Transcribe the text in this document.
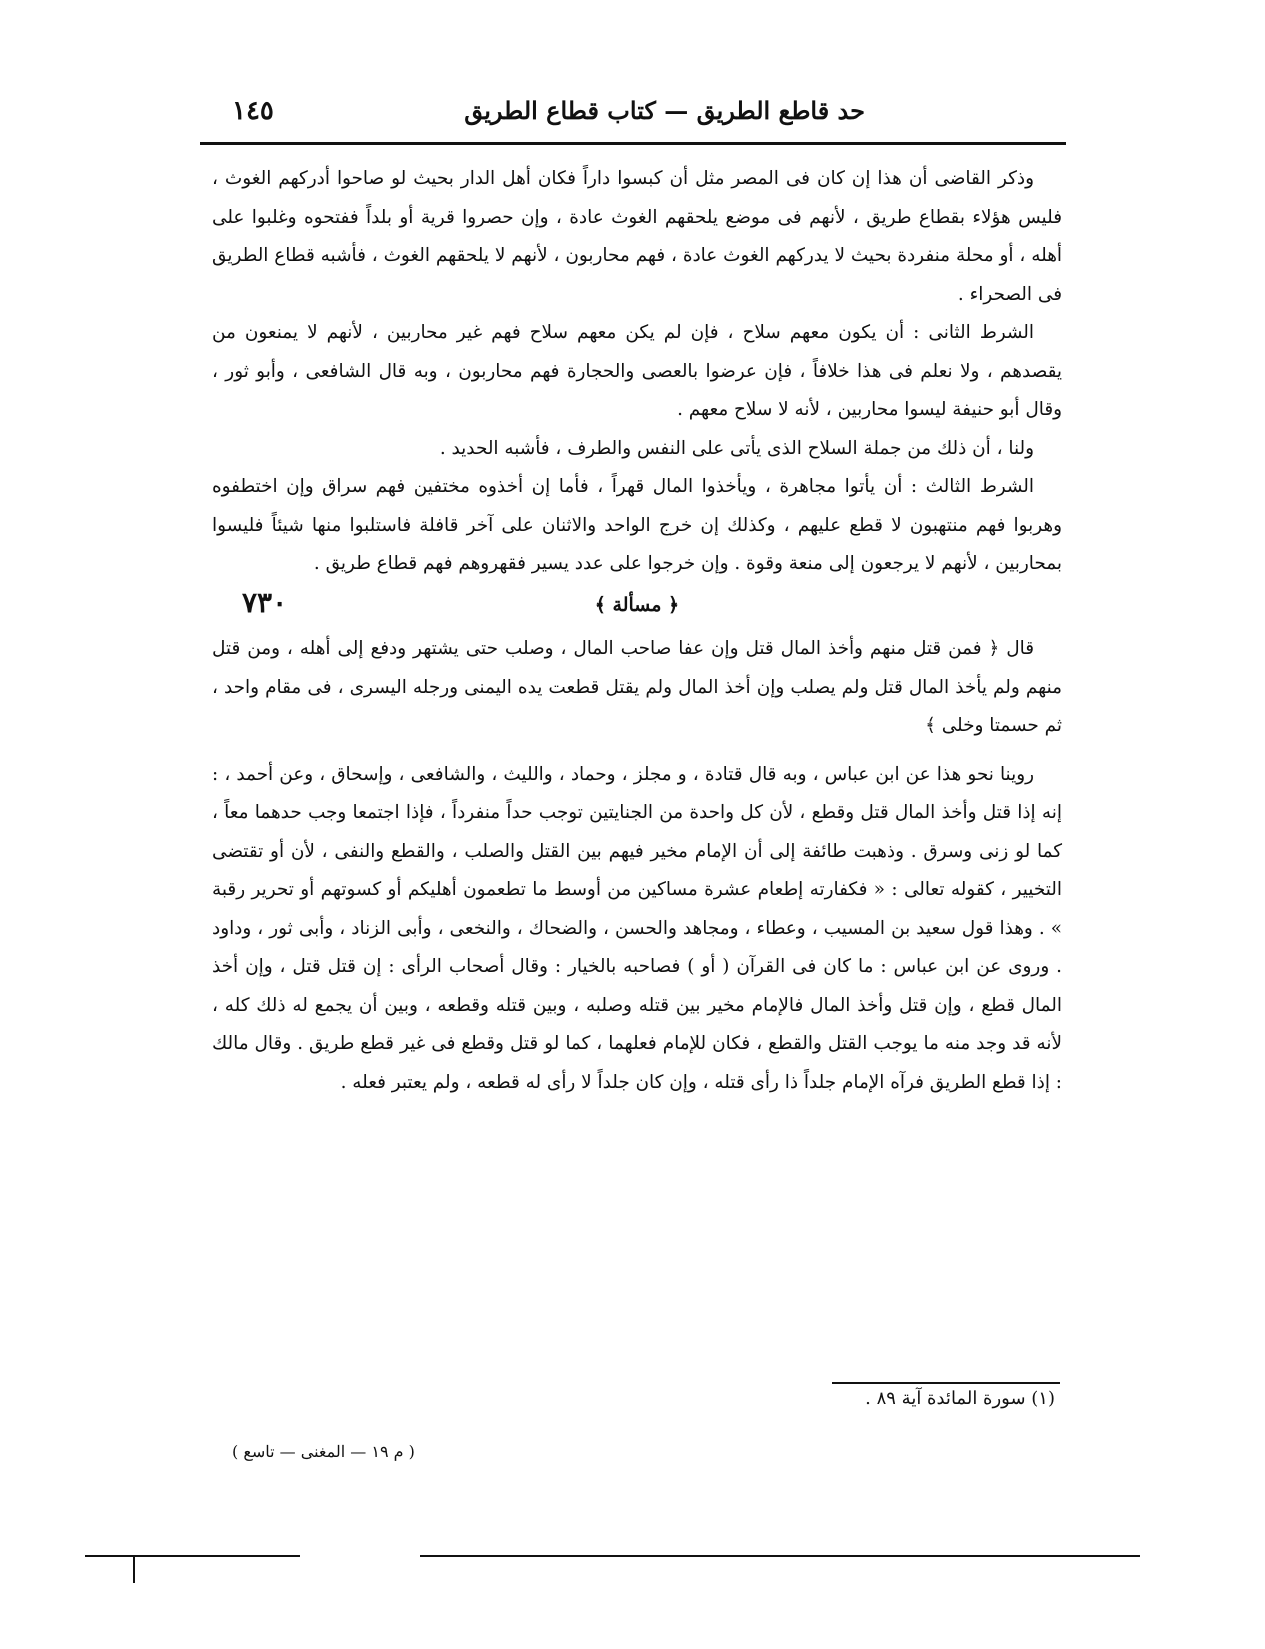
١٤٥	حد قاطع الطريق — كتاب قطاع الطريق

وذكر القاضى أن هذا إن كان فى المصر مثل أن كبسوا داراً فكان أهل الدار بحيث لو صاحوا أدركهم الغوث ، فليس هؤلاء بقطاع طريق ، لأنهم فى موضع يلحقهم الغوث عادة ، وإن حصروا قرية أو بلداً ففتحوه وغلبوا على أهله ، أو محلة منفردة بحيث لا يدركهم الغوث عادة ، فهم محاربون ، لأنهم لا يلحقهم الغوث ، فأشبه قطاع الطريق فى الصحراء .

الشرط الثانى : أن يكون معهم سلاح ، فإن لم يكن معهم سلاح فهم غير محاربين ، لأنهم لا يمنعون من يقصدهم ، ولا نعلم فى هذا خلافاً ، فإن عرضوا بالعصى والحجارة فهم محاربون ، وبه قال الشافعى ، وأبو ثور ، وقال أبو حنيفة ليسوا محاربين ، لأنه لا سلاح معهم .

ولنا ، أن ذلك من جملة السلاح الذى يأتى على النفس والطرف ، فأشبه الحديد .

الشرط الثالث : أن يأتوا مجاهرة ، ويأخذوا المال قهراً ، فأما إن أخذوه مختفين فهم سراق وإن اختطفوه وهربوا فهم منتهبون لا قطع عليهم ، وكذلك إن خرج الواحد والاثنان على آخر قافلة فاستلبوا منها شيئاً فليسوا بمحاربين ، لأنهم لا يرجعون إلى منعة وقوة . وإن خرجوا على عدد يسير فقهروهم فهم قطاع طريق .

﴿ مسألة ﴾
٧٣٠

قال ﴿ فمن قتل منهم وأخذ المال قتل وإن عفا صاحب المال ، وصلب حتى يشتهر ودفع إلى أهله ، ومن قتل منهم ولم يأخذ المال قتل ولم يصلب وإن أخذ المال ولم يقتل قطعت يده اليمنى ورجله اليسرى ، فى مقام واحد ، ثم حسمتا وخلى ﴾

روينا نحو هذا عن ابن عباس ، وبه قال قتادة ، و مجلز ، وحماد ، والليث ، والشافعى ، وإسحاق ، وعن أحمد ، : إنه إذا قتل وأخذ المال قتل وقطع ، لأن كل واحدة من الجنايتين توجب حداً منفرداً ، فإذا اجتمعا وجب حدهما معاً ، كما لو زنى وسرق . وذهبت طائفة إلى أن الإمام مخير فيهم بين القتل والصلب ، والقطع والنفى ، لأن أو تقتضى التخيير ، كقوله تعالى : « فكفارته إطعام عشرة مساكين من أوسط ما تطعمون أهليكم أو كسوتهم أو تحرير رقبة » . وهذا قول سعيد بن المسيب ، وعطاء ، ومجاهد والحسن ، والضحاك ، والنخعى ، وأبى الزناد ، وأبى ثور ، وداود . وروى عن ابن عباس : ما كان فى القرآن ( أو ) فصاحبه بالخيار : وقال أصحاب الرأى : إن قتل قتل ، وإن أخذ المال قطع ، وإن قتل وأخذ المال فالإمام مخير بين قتله وصلبه ، وبين قتله وقطعه ، وبين أن يجمع له ذلك كله ، لأنه قد وجد منه ما يوجب القتل والقطع ، فكان للإمام فعلهما ، كما لو قتل وقطع فى غير قطع طريق . وقال مالك : إذا قطع الطريق فرآه الإمام جلداً ذا رأى قتله ، وإن كان جلداً لا رأى له قطعه ، ولم يعتبر فعله .

(١) سورة المائدة آية ٨٩ .
( م ١٩ — المغنى — تاسع )
